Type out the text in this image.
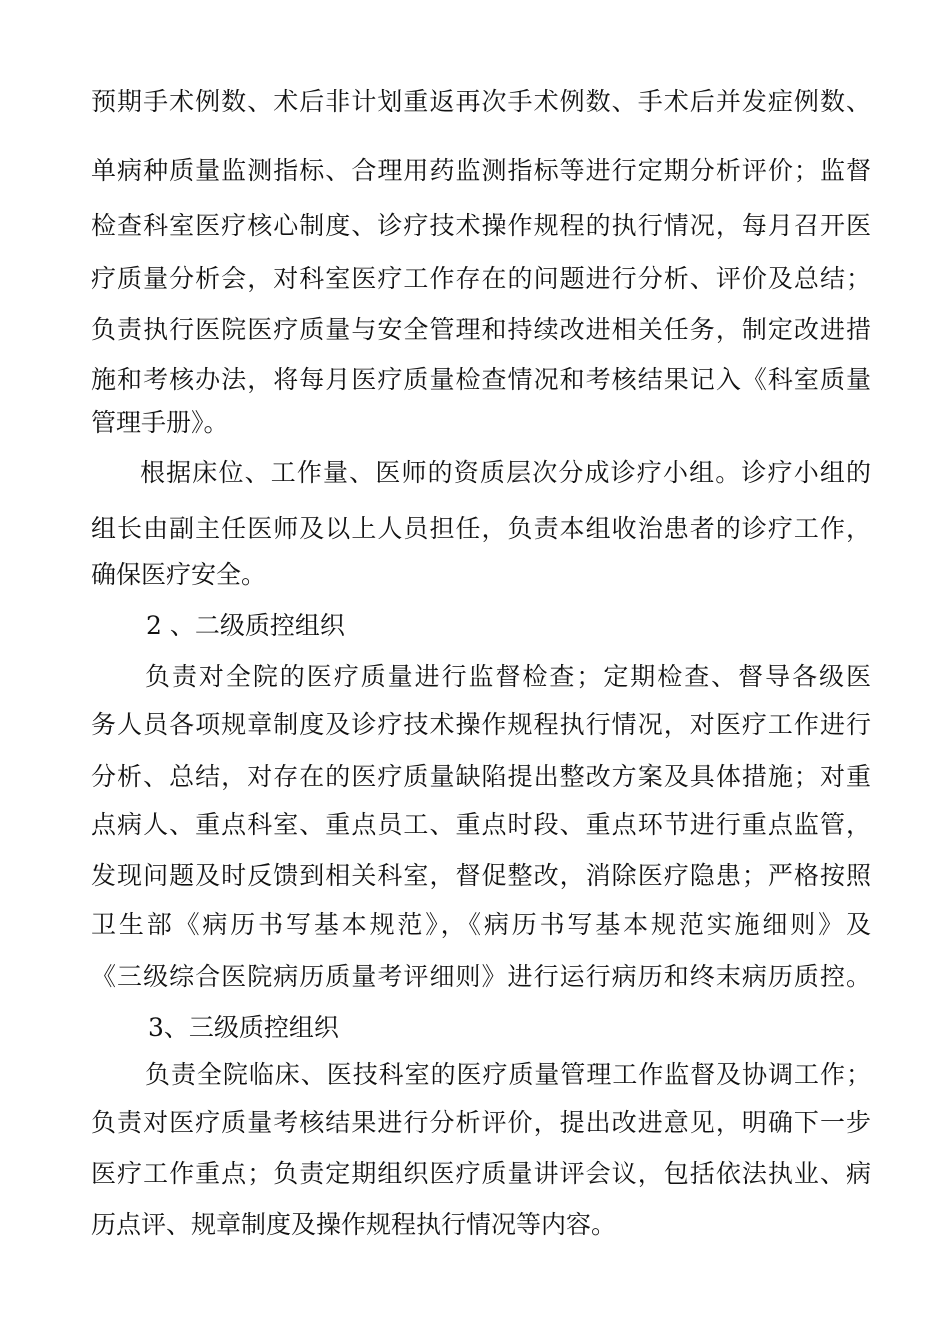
预期手术例数、术后非计划重返再次手术例数、手术后并发症例数、
单病种质量监测指标、合理用药监测指标等进行定期分析评价；监督
检查科室医疗核心制度、诊疗技术操作规程的执行情况，每月召开医
疗质量分析会，对科室医疗工作存在的问题进行分析、评价及总结；
负责执行医院医疗质量与安全管理和持续改进相关任务，制定改进措
施和考核办法，将每月医疗质量检查情况和考核结果记入《科室质量
管理手册》。
根据床位、工作量、医师的资质层次分成诊疗小组。诊疗小组的
组长由副主任医师及以上人员担任，负责本组收治患者的诊疗工作，
确保医疗安全。
2 、二级质控组织
负责对全院的医疗质量进行监督检查；定期检查、督导各级医
务人员各项规章制度及诊疗技术操作规程执行情况，对医疗工作进行
分析、总结，对存在的医疗质量缺陷提出整改方案及具体措施；对重
点病人、重点科室、重点员工、重点时段、重点环节进行重点监管，
发现问题及时反馈到相关科室，督促整改，消除医疗隐患；严格按照
卫生部《病历书写基本规范》，《病历书写基本规范实施细则》及
《三级综合医院病历质量考评细则》进行运行病历和终末病历质控。
3、三级质控组织
负责全院临床、医技科室的医疗质量管理工作监督及协调工作；
负责对医疗质量考核结果进行分析评价，提出改进意见，明确下一步
医疗工作重点；负责定期组织医疗质量讲评会议，包括依法执业、病
历点评、规章制度及操作规程执行情况等内容。
